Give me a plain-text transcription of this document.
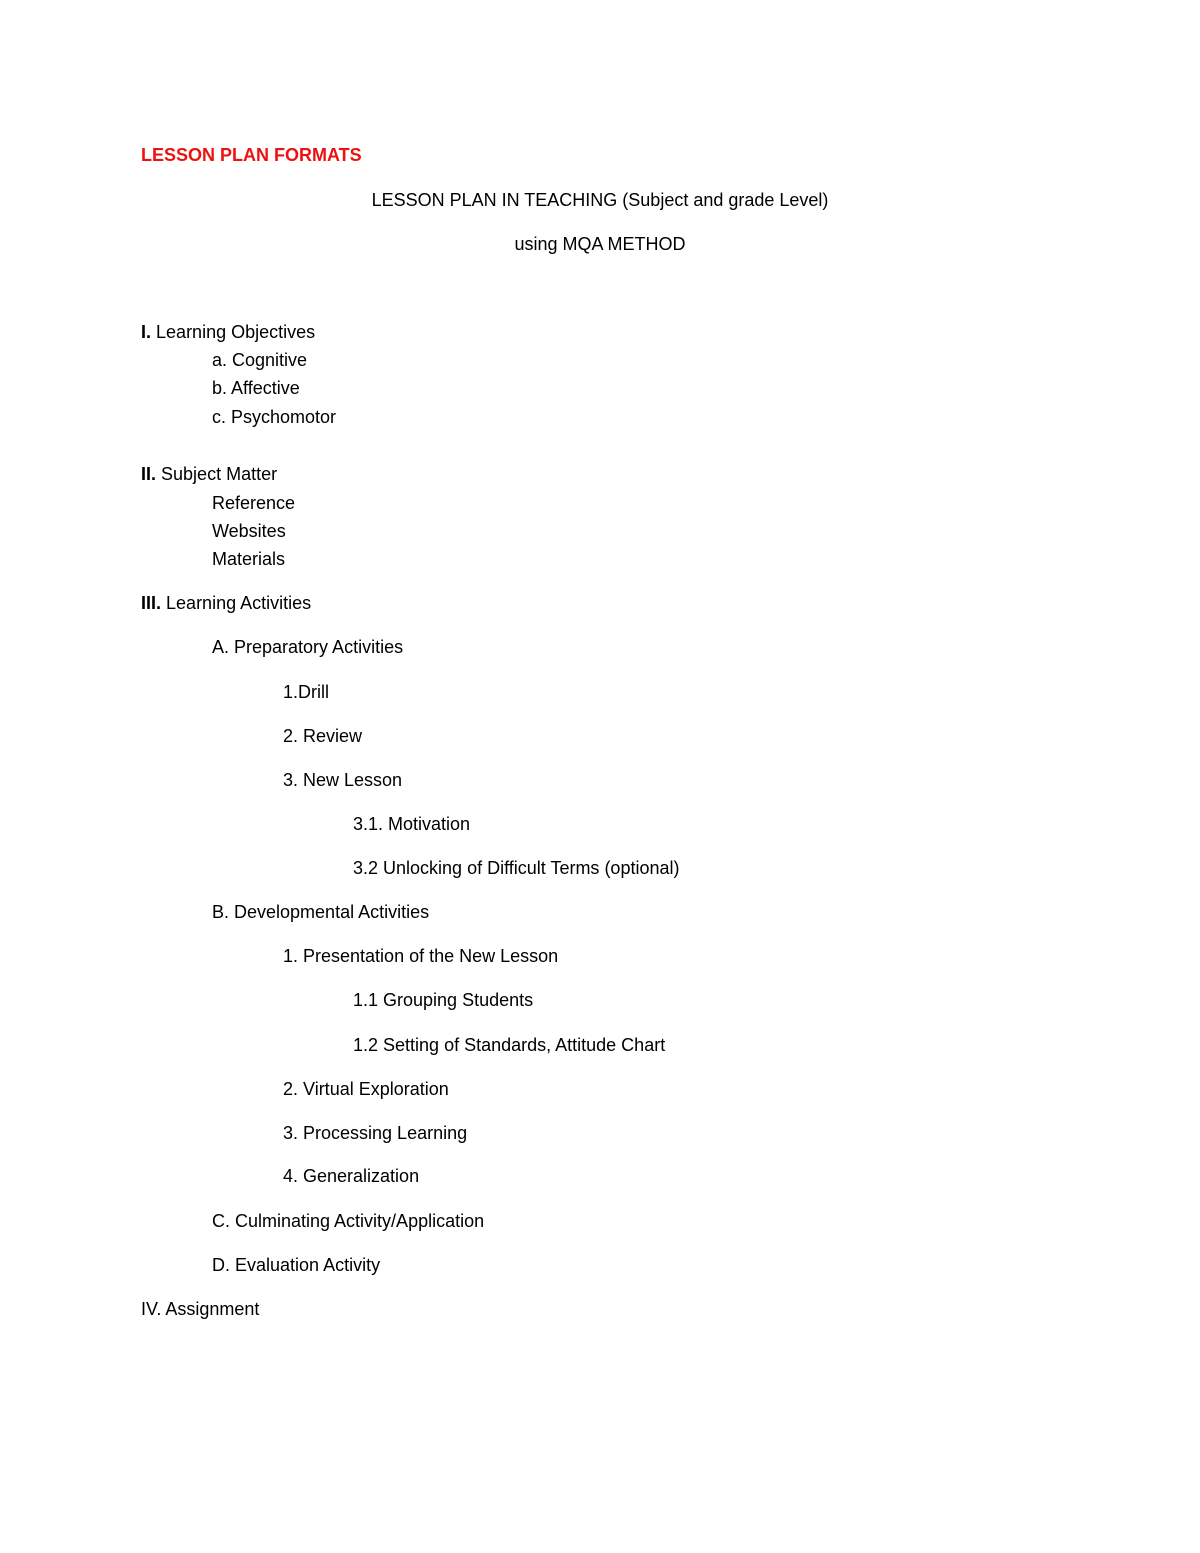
LESSON PLAN FORMATS
LESSON PLAN IN TEACHING (Subject and grade Level)
using MQA METHOD
I. Learning Objectives
a. Cognitive
b. Affective
c. Psychomotor
II. Subject Matter
Reference
Websites
Materials
III. Learning Activities
A. Preparatory Activities
1.Drill
2. Review
3. New Lesson
3.1. Motivation
3.2 Unlocking of Difficult Terms (optional)
B. Developmental Activities
1. Presentation of the New Lesson
1.1 Grouping Students
1.2 Setting of Standards, Attitude Chart
2. Virtual Exploration
3. Processing Learning
4. Generalization
C. Culminating Activity/Application
D. Evaluation Activity
IV. Assignment
